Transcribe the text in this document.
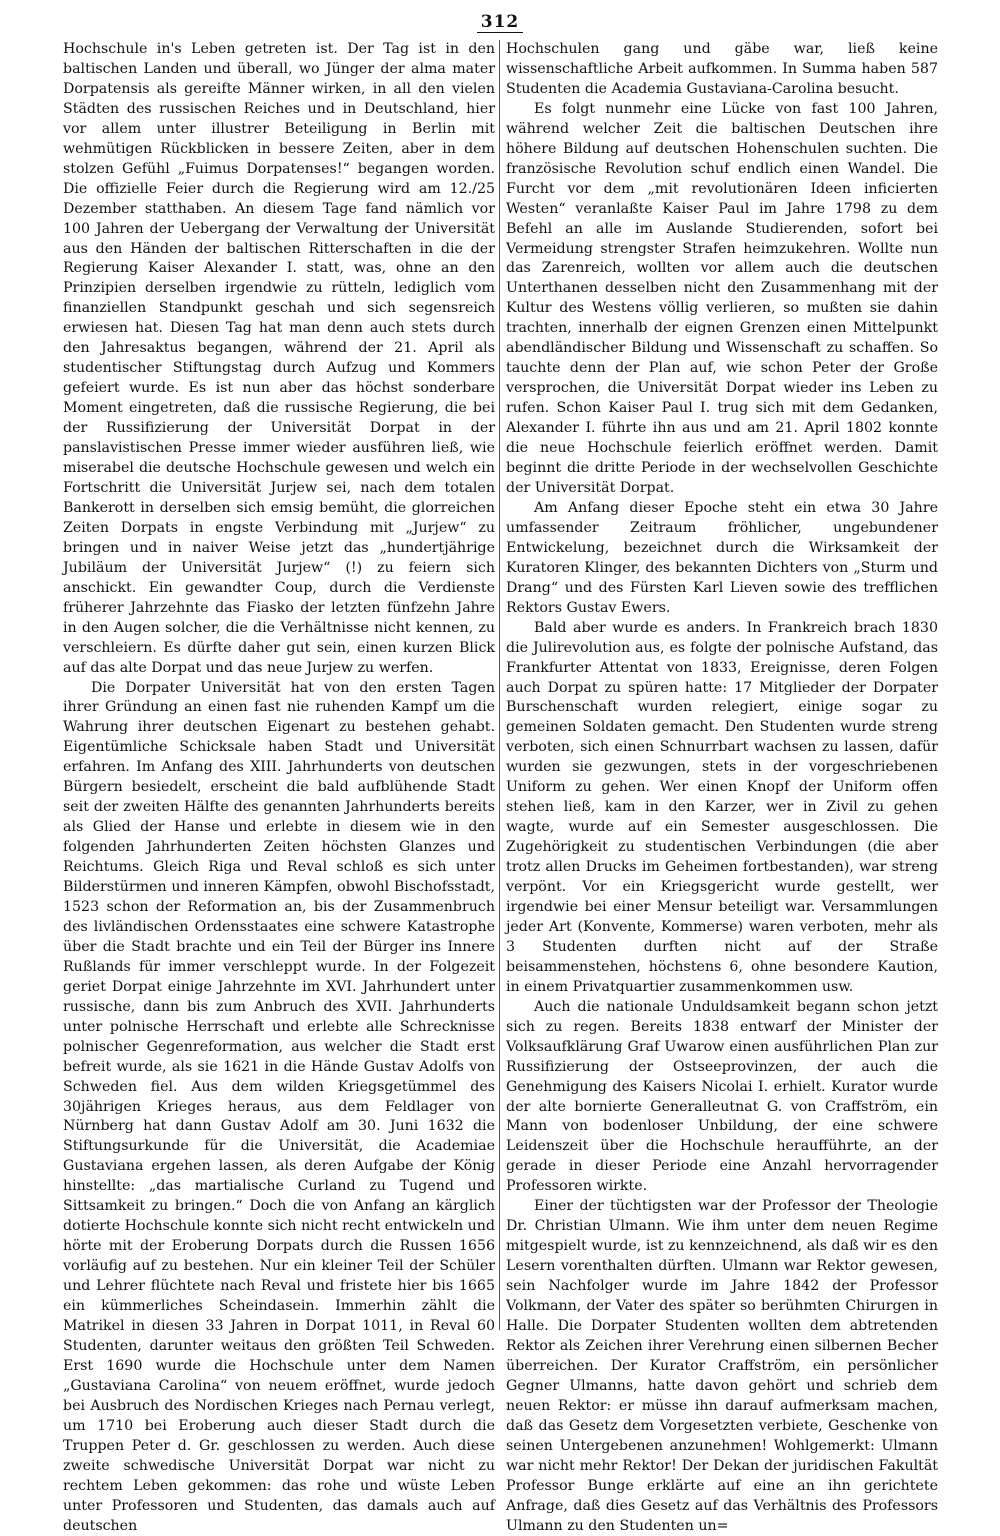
312

Hochschule in's Leben getreten ist. Der Tag ist in den baltischen Landen und überall, wo Jünger der alma mater Dorpatensis als gereifte Männer wirken, in all den vielen Städten des russischen Reiches und in Deutschland, hier vor allem unter illustrer Beteiligung in Berlin mit wehmütigen Rückblicken in bessere Zeiten, aber in dem stolzen Gefühl „Fuimus Dorpatenses!“ begangen worden. Die offizielle Feier durch die Regierung wird am 12./25 Dezember statthaben. An diesem Tage fand nämlich vor 100 Jahren der Uebergang der Verwaltung der Universität aus den Händen der baltischen Ritterschaften in die der Regierung Kaiser Alexander I. statt, was, ohne an den Prinzipien derselben irgendwie zu rütteln, lediglich vom finanziellen Standpunkt geschah und sich segensreich erwiesen hat. Diesen Tag hat man denn auch stets durch den Jahresaktus begangen, während der 21. April als studentischer Stiftungstag durch Aufzug und Kommers gefeiert wurde. Es ist nun aber das höchst sonderbare Moment eingetreten, daß die russische Regierung, die bei der Russifizierung der Universität Dorpat in der panslavistischen Presse immer wieder ausführen ließ, wie miserabel die deutsche Hochschule gewesen und welch ein Fortschritt die Universität Jurjew sei, nach dem totalen Bankerott in derselben sich emsig bemüht, die glorreichen Zeiten Dorpats in engste Verbindung mit „Jurjew“ zu bringen und in naiver Weise jetzt das „hundertjährige Jubiläum der Universität Jurjew“ (!) zu feiern sich anschickt. Ein gewandter Coup, durch die Verdienste früherer Jahrzehnte das Fiasko der letzten fünfzehn Jahre in den Augen solcher, die die Verhältnisse nicht kennen, zu verschleiern. Es dürfte daher gut sein, einen kurzen Blick auf das alte Dorpat und das neue Jurjew zu werfen.

Die Dorpater Universität hat von den ersten Tagen ihrer Gründung an einen fast nie ruhenden Kampf um die Wahrung ihrer deutschen Eigenart zu bestehen gehabt. Eigentümliche Schicksale haben Stadt und Universität erfahren. Im Anfang des XIII. Jahrhunderts von deutschen Bürgern besiedelt, erscheint die bald aufblühende Stadt seit der zweiten Hälfte des genannten Jahrhunderts bereits als Glied der Hanse und erlebte in diesem wie in den folgenden Jahrhunderten Zeiten höchsten Glanzes und Reichtums. Gleich Riga und Reval schloß es sich unter Bilderstürmen und inneren Kämpfen, obwohl Bischofsstadt, 1523 schon der Reformation an, bis der Zusammenbruch des livländischen Ordensstaates eine schwere Katastrophe über die Stadt brachte und ein Teil der Bürger ins Innere Rußlands für immer verschleppt wurde. In der Folgezeit geriet Dorpat einige Jahrzehnte im XVI. Jahrhundert unter russische, dann bis zum Anbruch des XVII. Jahrhunderts unter polnische Herrschaft und erlebte alle Schrecknisse polnischer Gegenreformation, aus welcher die Stadt erst befreit wurde, als sie 1621 in die Hände Gustav Adolfs von Schweden fiel. Aus dem wilden Kriegsgetümmel des 30jährigen Krieges heraus, aus dem Feldlager von Nürnberg hat dann Gustav Adolf am 30. Juni 1632 die Stiftungsurkunde für die Universität, die Academiae Gustaviana ergehen lassen, als deren Aufgabe der König hinstellte: „das martialische Curland zu Tugend und Sittsamkeit zu bringen.“ Doch die von Anfang an kärglich dotierte Hochschule konnte sich nicht recht entwickeln und hörte mit der Eroberung Dorpats durch die Russen 1656 vorläufig auf zu bestehen. Nur ein kleiner Teil der Schüler und Lehrer flüchtete nach Reval und fristete hier bis 1665 ein kümmerliches Scheindasein. Immerhin zählt die Matrikel in diesen 33 Jahren in Dorpat 1011, in Reval 60 Studenten, darunter weitaus den größten Teil Schweden. Erst 1690 wurde die Hochschule unter dem Namen „Gustaviana Carolina“ von neuem eröffnet, wurde jedoch bei Ausbruch des Nordischen Krieges nach Pernau verlegt, um 1710 bei Eroberung auch dieser Stadt durch die Truppen Peter d. Gr. geschlossen zu werden. Auch diese zweite schwedische Universität Dorpat war nicht zu rechtem Leben gekommen: das rohe und wüste Leben unter Professoren und Studenten, das damals auch auf deutschen

Hochschulen gang und gäbe war, ließ keine wissenschaftliche Arbeit aufkommen. In Summa haben 587 Studenten die Academia Gustaviana-Carolina besucht.

Es folgt nunmehr eine Lücke von fast 100 Jahren, während welcher Zeit die baltischen Deutschen ihre höhere Bildung auf deutschen Hohenschulen suchten. Die französische Revolution schuf endlich einen Wandel. Die Furcht vor dem „mit revolutionären Ideen inficierten Westen“ veranlaßte Kaiser Paul im Jahre 1798 zu dem Befehl an alle im Auslande Studierenden, sofort bei Vermeidung strengster Strafen heimzukehren. Wollte nun das Zarenreich, wollten vor allem auch die deutschen Unterthanen desselben nicht den Zusammenhang mit der Kultur des Westens völlig verlieren, so mußten sie dahin trachten, innerhalb der eignen Grenzen einen Mittelpunkt abendländischer Bildung und Wissenschaft zu schaffen. So tauchte denn der Plan auf, wie schon Peter der Große versprochen, die Universität Dorpat wieder ins Leben zu rufen. Schon Kaiser Paul I. trug sich mit dem Gedanken, Alexander I. führte ihn aus und am 21. April 1802 konnte die neue Hochschule feierlich eröffnet werden. Damit beginnt die dritte Periode in der wechselvollen Geschichte der Universität Dorpat.

Am Anfang dieser Epoche steht ein etwa 30 Jahre umfassender Zeitraum fröhlicher, ungebundener Entwickelung, bezeichnet durch die Wirksamkeit der Kuratoren Klinger, des bekannten Dichters von „Sturm und Drang“ und des Fürsten Karl Lieven sowie des trefflichen Rektors Gustav Ewers.

Bald aber wurde es anders. In Frankreich brach 1830 die Julirevolution aus, es folgte der polnische Aufstand, das Frankfurter Attentat von 1833, Ereignisse, deren Folgen auch Dorpat zu spüren hatte: 17 Mitglieder der Dorpater Burschenschaft wurden relegiert, einige sogar zu gemeinen Soldaten gemacht. Den Studenten wurde streng verboten, sich einen Schnurrbart wachsen zu lassen, dafür wurden sie gezwungen, stets in der vorgeschriebenen Uniform zu gehen. Wer einen Knopf der Uniform offen stehen ließ, kam in den Karzer, wer in Zivil zu gehen wagte, wurde auf ein Semester ausgeschlossen. Die Zugehörigkeit zu studentischen Verbindungen (die aber trotz allen Drucks im Geheimen fortbestanden), war streng verpönt. Vor ein Kriegsgericht wurde gestellt, wer irgendwie bei einer Mensur beteiligt war. Versammlungen jeder Art (Konvente, Kommerse) waren verboten, mehr als 3 Studenten durften nicht auf der Straße beisammenstehen, höchstens 6, ohne besondere Kaution, in einem Privatquartier zusammenkommen usw.

Auch die nationale Unduldsamkeit begann schon jetzt sich zu regen. Bereits 1838 entwarf der Minister der Volksaufklärung Graf Uwarow einen ausführlichen Plan zur Russifizierung der Ostseeprovinzen, der auch die Genehmigung des Kaisers Nicolai I. erhielt. Kurator wurde der alte bornierte Generalleutnat G. von Craffström, ein Mann von bodenloser Unbildung, der eine schwere Leidenszeit über die Hochschule heraufführte, an der gerade in dieser Periode eine Anzahl hervorragender Professoren wirkte.

Einer der tüchtigsten war der Professor der Theologie Dr. Christian Ulmann. Wie ihm unter dem neuen Regime mitgespielt wurde, ist zu kennzeichnend, als daß wir es den Lesern vorenthalten dürften. Ulmann war Rektor gewesen, sein Nachfolger wurde im Jahre 1842 der Professor Volkmann, der Vater des später so berühmten Chirurgen in Halle. Die Dorpater Studenten wollten dem abtretenden Rektor als Zeichen ihrer Verehrung einen silbernen Becher überreichen. Der Kurator Craffström, ein persönlicher Gegner Ulmanns, hatte davon gehört und schrieb dem neuen Rektor: er müsse ihn darauf aufmerksam machen, daß das Gesetz dem Vorgesetzten verbiete, Geschenke von seinen Untergebenen anzunehmen! Wohlgemerkt: Ulmann war nicht mehr Rektor! Der Dekan der juridischen Fakultät Professor Bunge erklärte auf eine an ihn gerichtete Anfrage, daß dies Gesetz auf das Verhältnis des Professors Ulmann zu den Studenten un=
